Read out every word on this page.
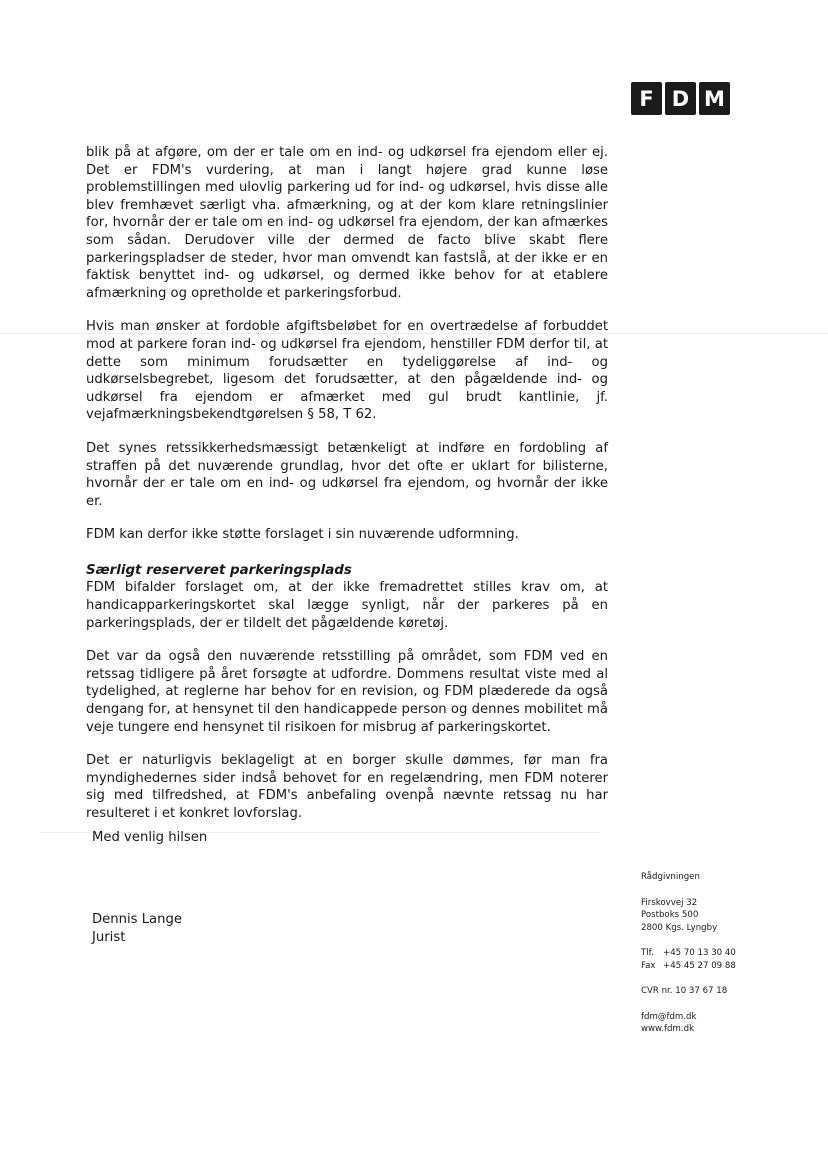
F D M

blik på at afgøre, om der er tale om en ind- og udkørsel fra ejendom eller ej. Det er FDM's vurdering, at man i langt højere grad kunne løse problemstillingen med ulovlig parkering ud for ind- og udkørsel, hvis disse alle blev fremhævet særligt vha. afmærkning, og at der kom klare retningslinier for, hvornår der er tale om en ind- og udkørsel fra ejendom, der kan afmærkes som sådan. Derudover ville der dermed de facto blive skabt flere parkeringspladser de steder, hvor man omvendt kan fastslå, at der ikke er en faktisk benyttet ind- og udkørsel, og dermed ikke behov for at etablere afmærkning og opretholde et parkeringsforbud.

Hvis man ønsker at fordoble afgiftsbeløbet for en overtrædelse af forbuddet mod at parkere foran ind- og udkørsel fra ejendom, henstiller FDM derfor til, at dette som minimum forudsætter en tydeliggørelse af ind- og udkørselsbegrebet, ligesom det forudsætter, at den pågældende ind- og udkørsel fra ejendom er afmærket med gul brudt kantlinie, jf. vejafmærkningsbekendtgørelsen § 58, T 62.

Det synes retssikkerhedsmæssigt betænkeligt at indføre en fordobling af straffen på det nuværende grundlag, hvor det ofte er uklart for bilisterne, hvornår der er tale om en ind- og udkørsel fra ejendom, og hvornår der ikke er.

FDM kan derfor ikke støtte forslaget i sin nuværende udformning.

Særligt reserveret parkeringsplads

FDM bifalder forslaget om, at der ikke fremadrettet stilles krav om, at handicapparkeringskortet skal lægge synligt, når der parkeres på en parkeringsplads, der er tildelt det pågældende køretøj.

Det var da også den nuværende retsstilling på området, som FDM ved en retssag tidligere på året forsøgte at udfordre. Dommens resultat viste med al tydelighed, at reglerne har behov for en revision, og FDM plæderede da også dengang for, at hensynet til den handicappede person og dennes mobilitet må veje tungere end hensynet til risikoen for misbrug af parkeringskortet.

Det er naturligvis beklageligt at en borger skulle dømmes, før man fra myndighedernes sider indså behovet for en regelændring, men FDM noterer sig med tilfredshed, at FDM's anbefaling ovenpå nævnte retssag nu har resulteret i et konkret lovforslag.

Med venlig hilsen
Dennis Lange
Jurist
Rådgivningen
Firskovvej 32
Postboks 500
2800 Kgs. Lyngby
Tlf.	+45 70 13 30 40
Fax +45 45 27 09 88
CVR nr. 10 37 67 18
fdm@fdm.dk
www.fdm.dk
